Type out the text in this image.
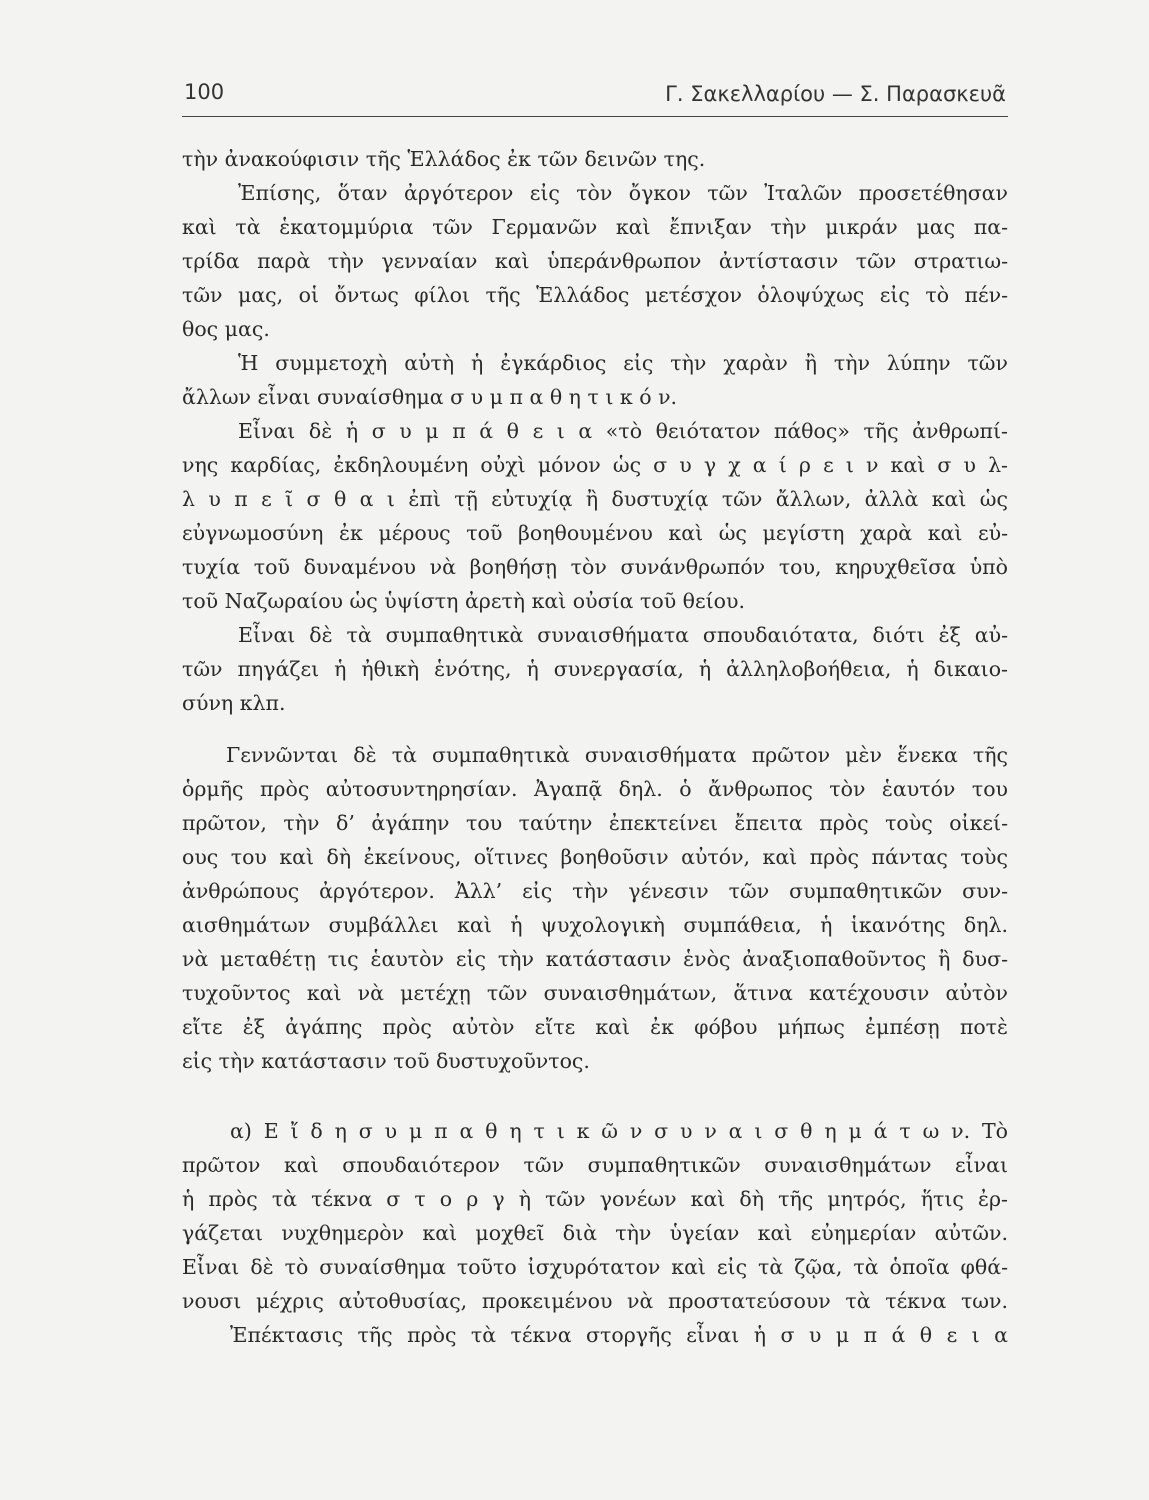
100	Γ. Σακελλαρίου — Σ. Παρασκευᾶ
τὴν ἀνακούφισιν τῆς Ἑλλάδος ἐκ τῶν δεινῶν της.
Ἐπίσης, ὅταν ἀργότερον εἰς τὸν ὄγκον τῶν Ἰταλῶν προσετέθησαν
καὶ τὰ ἑκατομμύρια τῶν Γερμανῶν καὶ ἔπνιξαν τὴν μικράν μας πα-
τρίδα παρὰ τὴν γενναίαν καὶ ὑπεράνθρωπον ἀντίστασιν τῶν στρατιω-
τῶν μας, οἱ ὄντως φίλοι τῆς Ἑλλάδος μετέσχον ὁλοψύχως εἰς τὸ πέν-
θος μας.
Ἡ συμμετοχὴ αὐτὴ ἡ ἐγκάρδιος εἰς τὴν χαρὰν ἢ τὴν λύπην τῶν
ἄλλων εἶναι συναίσθημα σ υ μ π α θ η τ ι κ ό ν.
Εἶναι δὲ ἡ σ υ μ π ά θ ε ι α «τὸ θειότατον πάθος» τῆς ἀνθρωπί-
νης καρδίας, ἐκδηλουμένη οὐχὶ μόνον ὡς σ υ γ χ α ί ρ ε ι ν καὶ σ υ λ-
λ υ π ε ῖ σ θ α ι ἐπὶ τῇ εὐτυχίᾳ ἢ δυστυχίᾳ τῶν ἄλλων, ἀλλὰ καὶ ὡς
εὐγνωμοσύνη ἐκ μέρους τοῦ βοηθουμένου καὶ ὡς μεγίστη χαρὰ καὶ εὐ-
τυχία τοῦ δυναμένου νὰ βοηθήσῃ τὸν συνάνθρωπόν του, κηρυχθεῖσα ὑπὸ
τοῦ Ναζωραίου ὡς ὑψίστη ἀρετὴ καὶ οὐσία τοῦ θείου.
Εἶναι δὲ τὰ συμπαθητικὰ συναισθήματα σπουδαιότατα, διότι ἐξ αὐ-
τῶν πηγάζει ἡ ἠθικὴ ἑνότης, ἡ συνεργασία, ἡ ἀλληλοβοήθεια, ἡ δικαιο-
σύνη κλπ.
Γεννῶνται δὲ τὰ συμπαθητικὰ συναισθήματα πρῶτον μὲν ἕνεκα τῆς
ὁρμῆς πρὸς αὐτοσυντηρησίαν. Ἀγαπᾷ δηλ. ὁ ἄνθρωπος τὸν ἑαυτόν του
πρῶτον, τὴν δ’ ἀγάπην του ταύτην ἐπεκτείνει ἔπειτα πρὸς τοὺς οἰκεί-
ους του καὶ δὴ ἐκείνους, οἵτινες βοηθοῦσιν αὐτόν, καὶ πρὸς πάντας τοὺς
ἀνθρώπους ἀργότερον. Ἀλλ’ εἰς τὴν γένεσιν τῶν συμπαθητικῶν συν-
αισθημάτων συμβάλλει καὶ ἡ ψυχολογικὴ συμπάθεια, ἡ ἱκανότης δηλ.
νὰ μεταθέτῃ τις ἑαυτὸν εἰς τὴν κατάστασιν ἑνὸς ἀναξιοπαθοῦντος ἢ δυσ-
τυχοῦντος καὶ νὰ μετέχῃ τῶν συναισθημάτων, ἅτινα κατέχουσιν αὐτὸν
εἴτε ἐξ ἀγάπης πρὸς αὐτὸν εἴτε καὶ ἐκ φόβου μήπως ἐμπέσῃ ποτὲ
εἰς τὴν κατάστασιν τοῦ δυστυχοῦντος.
α) Ε ἴ δ η σ υ μ π α θ η τ ι κ ῶ ν σ υ ν α ι σ θ η μ ά τ ω ν. Τὸ
πρῶτον καὶ σπουδαιότερον τῶν συμπαθητικῶν συναισθημάτων εἶναι
ἡ πρὸς τὰ τέκνα σ τ ο ρ γ ὴ τῶν γονέων καὶ δὴ τῆς μητρός, ἥτις ἐρ-
γάζεται νυχθημερὸν καὶ μοχθεῖ διὰ τὴν ὑγείαν καὶ εὐημερίαν αὐτῶν.
Εἶναι δὲ τὸ συναίσθημα τοῦτο ἰσχυρότατον καὶ εἰς τὰ ζῷα, τὰ ὁποῖα φθά-
νουσι μέχρις αὐτοθυσίας, προκειμένου νὰ προστατεύσουν τὰ τέκνα των.
Ἐπέκτασις τῆς πρὸς τὰ τέκνα στοργῆς εἶναι ἡ σ υ μ π ά θ ε ι α
